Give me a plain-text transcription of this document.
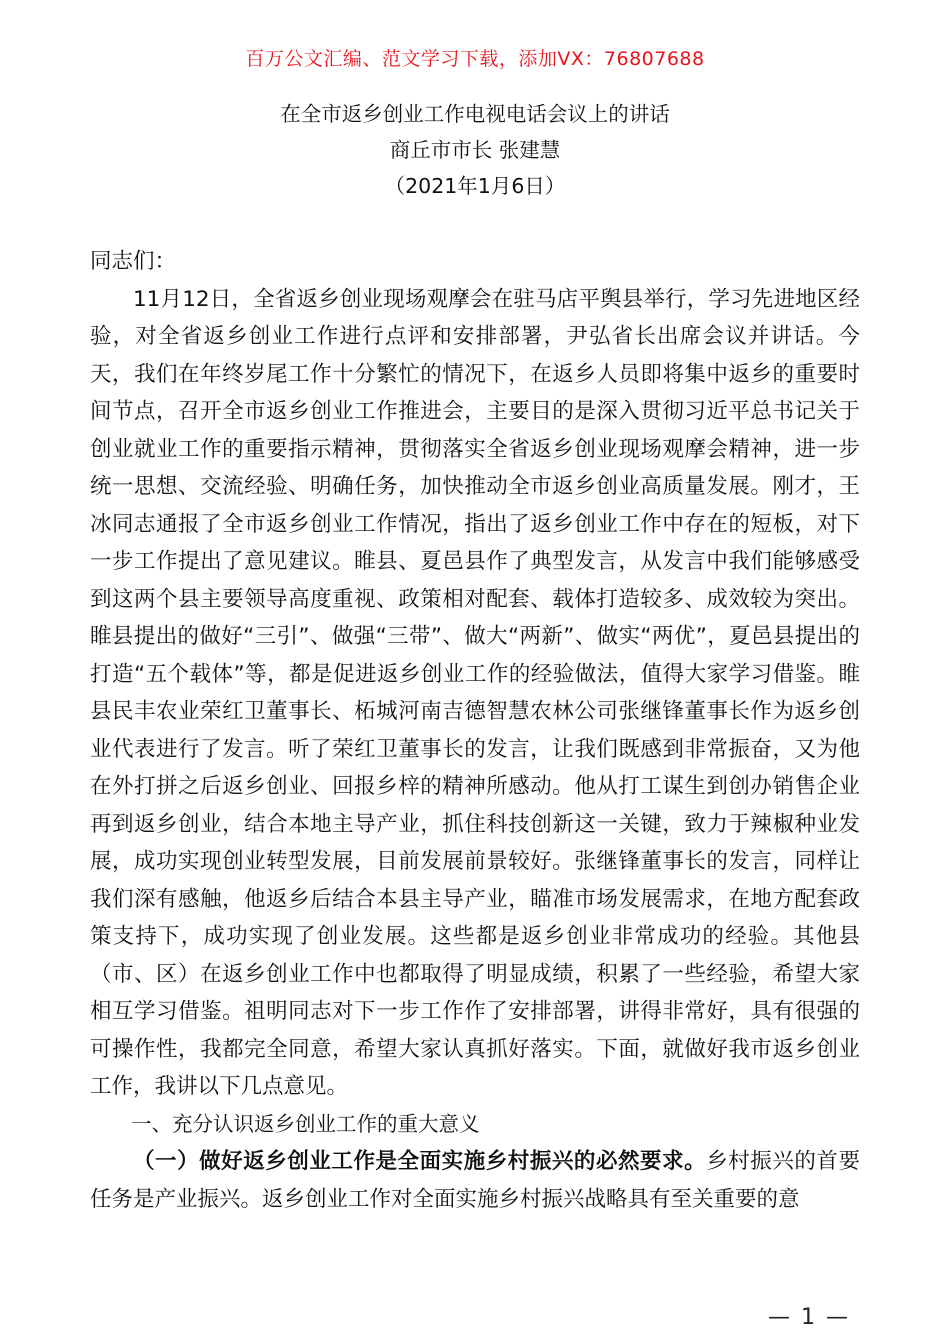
百万公文汇编、范文学习下载，添加VX：76807688
在全市返乡创业工作电视电话会议上的讲话
商丘市市长 张建慧
（2021年1月6日）

同志们：

11月12日，全省返乡创业现场观摩会在驻马店平舆县举行，学习先进地区经验，对全省返乡创业工作进行点评和安排部署，尹弘省长出席会议并讲话。今天，我们在年终岁尾工作十分繁忙的情况下，在返乡人员即将集中返乡的重要时间节点，召开全市返乡创业工作推进会，主要目的是深入贯彻习近平总书记关于创业就业工作的重要指示精神，贯彻落实全省返乡创业现场观摩会精神，进一步统一思想、交流经验、明确任务，加快推动全市返乡创业高质量发展。刚才，王冰同志通报了全市返乡创业工作情况，指出了返乡创业工作中存在的短板，对下一步工作提出了意见建议。睢县、夏邑县作了典型发言，从发言中我们能够感受到这两个县主要领导高度重视、政策相对配套、载体打造较多、成效较为突出。睢县提出的做好“三引”、做强“三带”、做大“两新”、做实“两优”，夏邑县提出的打造“五个载体”等，都是促进返乡创业工作的经验做法，值得大家学习借鉴。睢县民丰农业荣红卫董事长、柘城河南吉德智慧农林公司张继锋董事长作为返乡创业代表进行了发言。听了荣红卫董事长的发言，让我们既感到非常振奋，又为他在外打拼之后返乡创业、回报乡梓的精神所感动。他从打工谋生到创办销售企业再到返乡创业，结合本地主导产业，抓住科技创新这一关键，致力于辣椒种业发展，成功实现创业转型发展，目前发展前景较好。张继锋董事长的发言，同样让我们深有感触，他返乡后结合本县主导产业，瞄准市场发展需求，在地方配套政策支持下，成功实现了创业发展。这些都是返乡创业非常成功的经验。其他县（市、区）在返乡创业工作中也都取得了明显成绩，积累了一些经验，希望大家相互学习借鉴。祖明同志对下一步工作作了安排部署，讲得非常好，具有很强的可操作性，我都完全同意，希望大家认真抓好落实。下面，就做好我市返乡创业工作，我讲以下几点意见。

一、充分认识返乡创业工作的重大意义

（一）做好返乡创业工作是全面实施乡村振兴的必然要求。乡村振兴的首要任务是产业振兴。返乡创业工作对全面实施乡村振兴战略具有至关重要的意

— 1 —
